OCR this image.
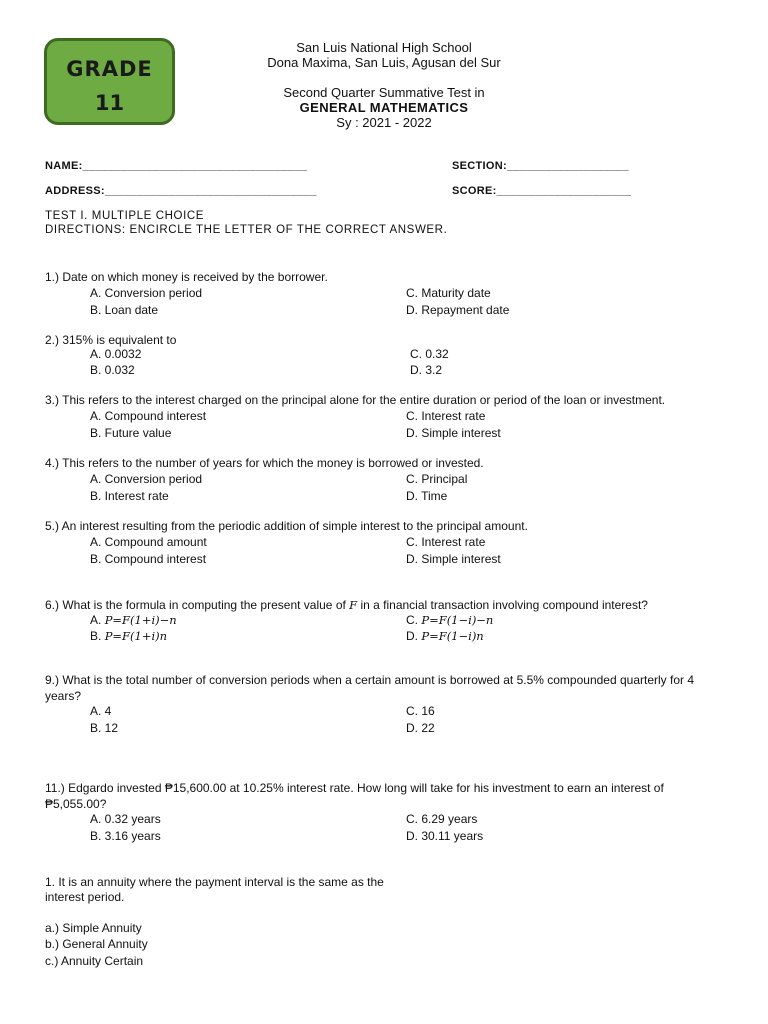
GRADE
11
San Luis National High School
Dona Maxima, San Luis, Agusan del Sur
Second Quarter Summative Test in
GENERAL MATHEMATICS
Sy : 2021 - 2022
NAME:___________________________________	SECTION:___________________
ADDRESS:_________________________________	SCORE:_____________________
TEST I. MULTIPLE CHOICE
DIRECTIONS: ENCIRCLE THE LETTER OF THE CORRECT ANSWER.
1.) Date on which money is received by the borrower.
A. Conversion period
B. Loan date
C. Maturity date
D. Repayment date
2.) 315% is equivalent to
A. 0.0032
B. 0.032
C. 0.32
D. 3.2
3.) This refers to the interest charged on the principal alone for the entire duration or period of the loan or investment.
A. Compound interest
B. Future value
C. Interest rate
D. Simple interest
4.) This refers to the number of years for which the money is borrowed or invested.
A. Conversion period
B. Interest rate
C. Principal
D. Time
5.) An interest resulting from the periodic addition of simple interest to the principal amount.
A. Compound amount
B. Compound interest
C. Interest rate
D. Simple interest
6.) What is the formula in computing the present value of F in a financial transaction involving compound interest?
A. P=F(1+i)−n
B. P=F(1+i)n
C. P=F(1−i)−n
D. P=F(1−i)n
9.) What is the total number of conversion periods when a certain amount is borrowed at 5.5% compounded quarterly for 4 years?
A. 4
B. 12
C. 16
D. 22
11.) Edgardo invested ₱15,600.00 at 10.25% interest rate. How long will take for his investment to earn an interest of ₱5,055.00?
A. 0.32 years
B. 3.16 years
C. 6.29 years
D. 30.11 years
1. It is an annuity where the payment interval is the same as the
interest period.
a.) Simple Annuity
b.) General Annuity
c.) Annuity Certain
